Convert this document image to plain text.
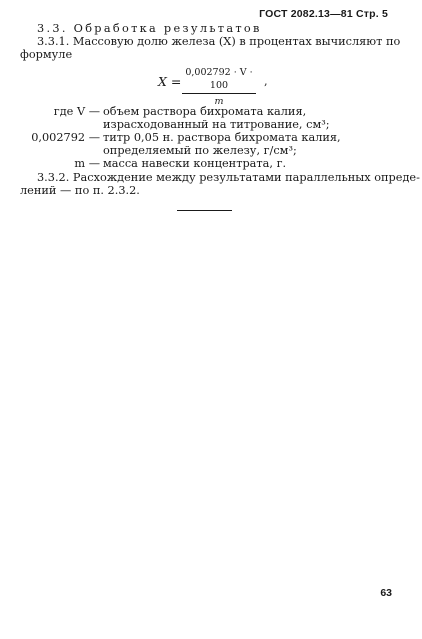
ГОСТ 2082.13—81 Стр. 5
3.3. Обработка результатов
3.3.1. Массовую долю железа (X) в процентах вычисляют по
формуле
$X = \frac{0,002792 \cdot V \cdot 100}{m}$ ,
где V — объем раствора бихромата калия, израсходованный на титрование, см³;
0,002792 — титр 0,05 н. раствора бихромата калия, определяемый по железу, г/см³;
m — масса навески концентрата, г.
3.3.2. Расхождение между результатами параллельных опреде-
лений — по п. 2.3.2.
63
